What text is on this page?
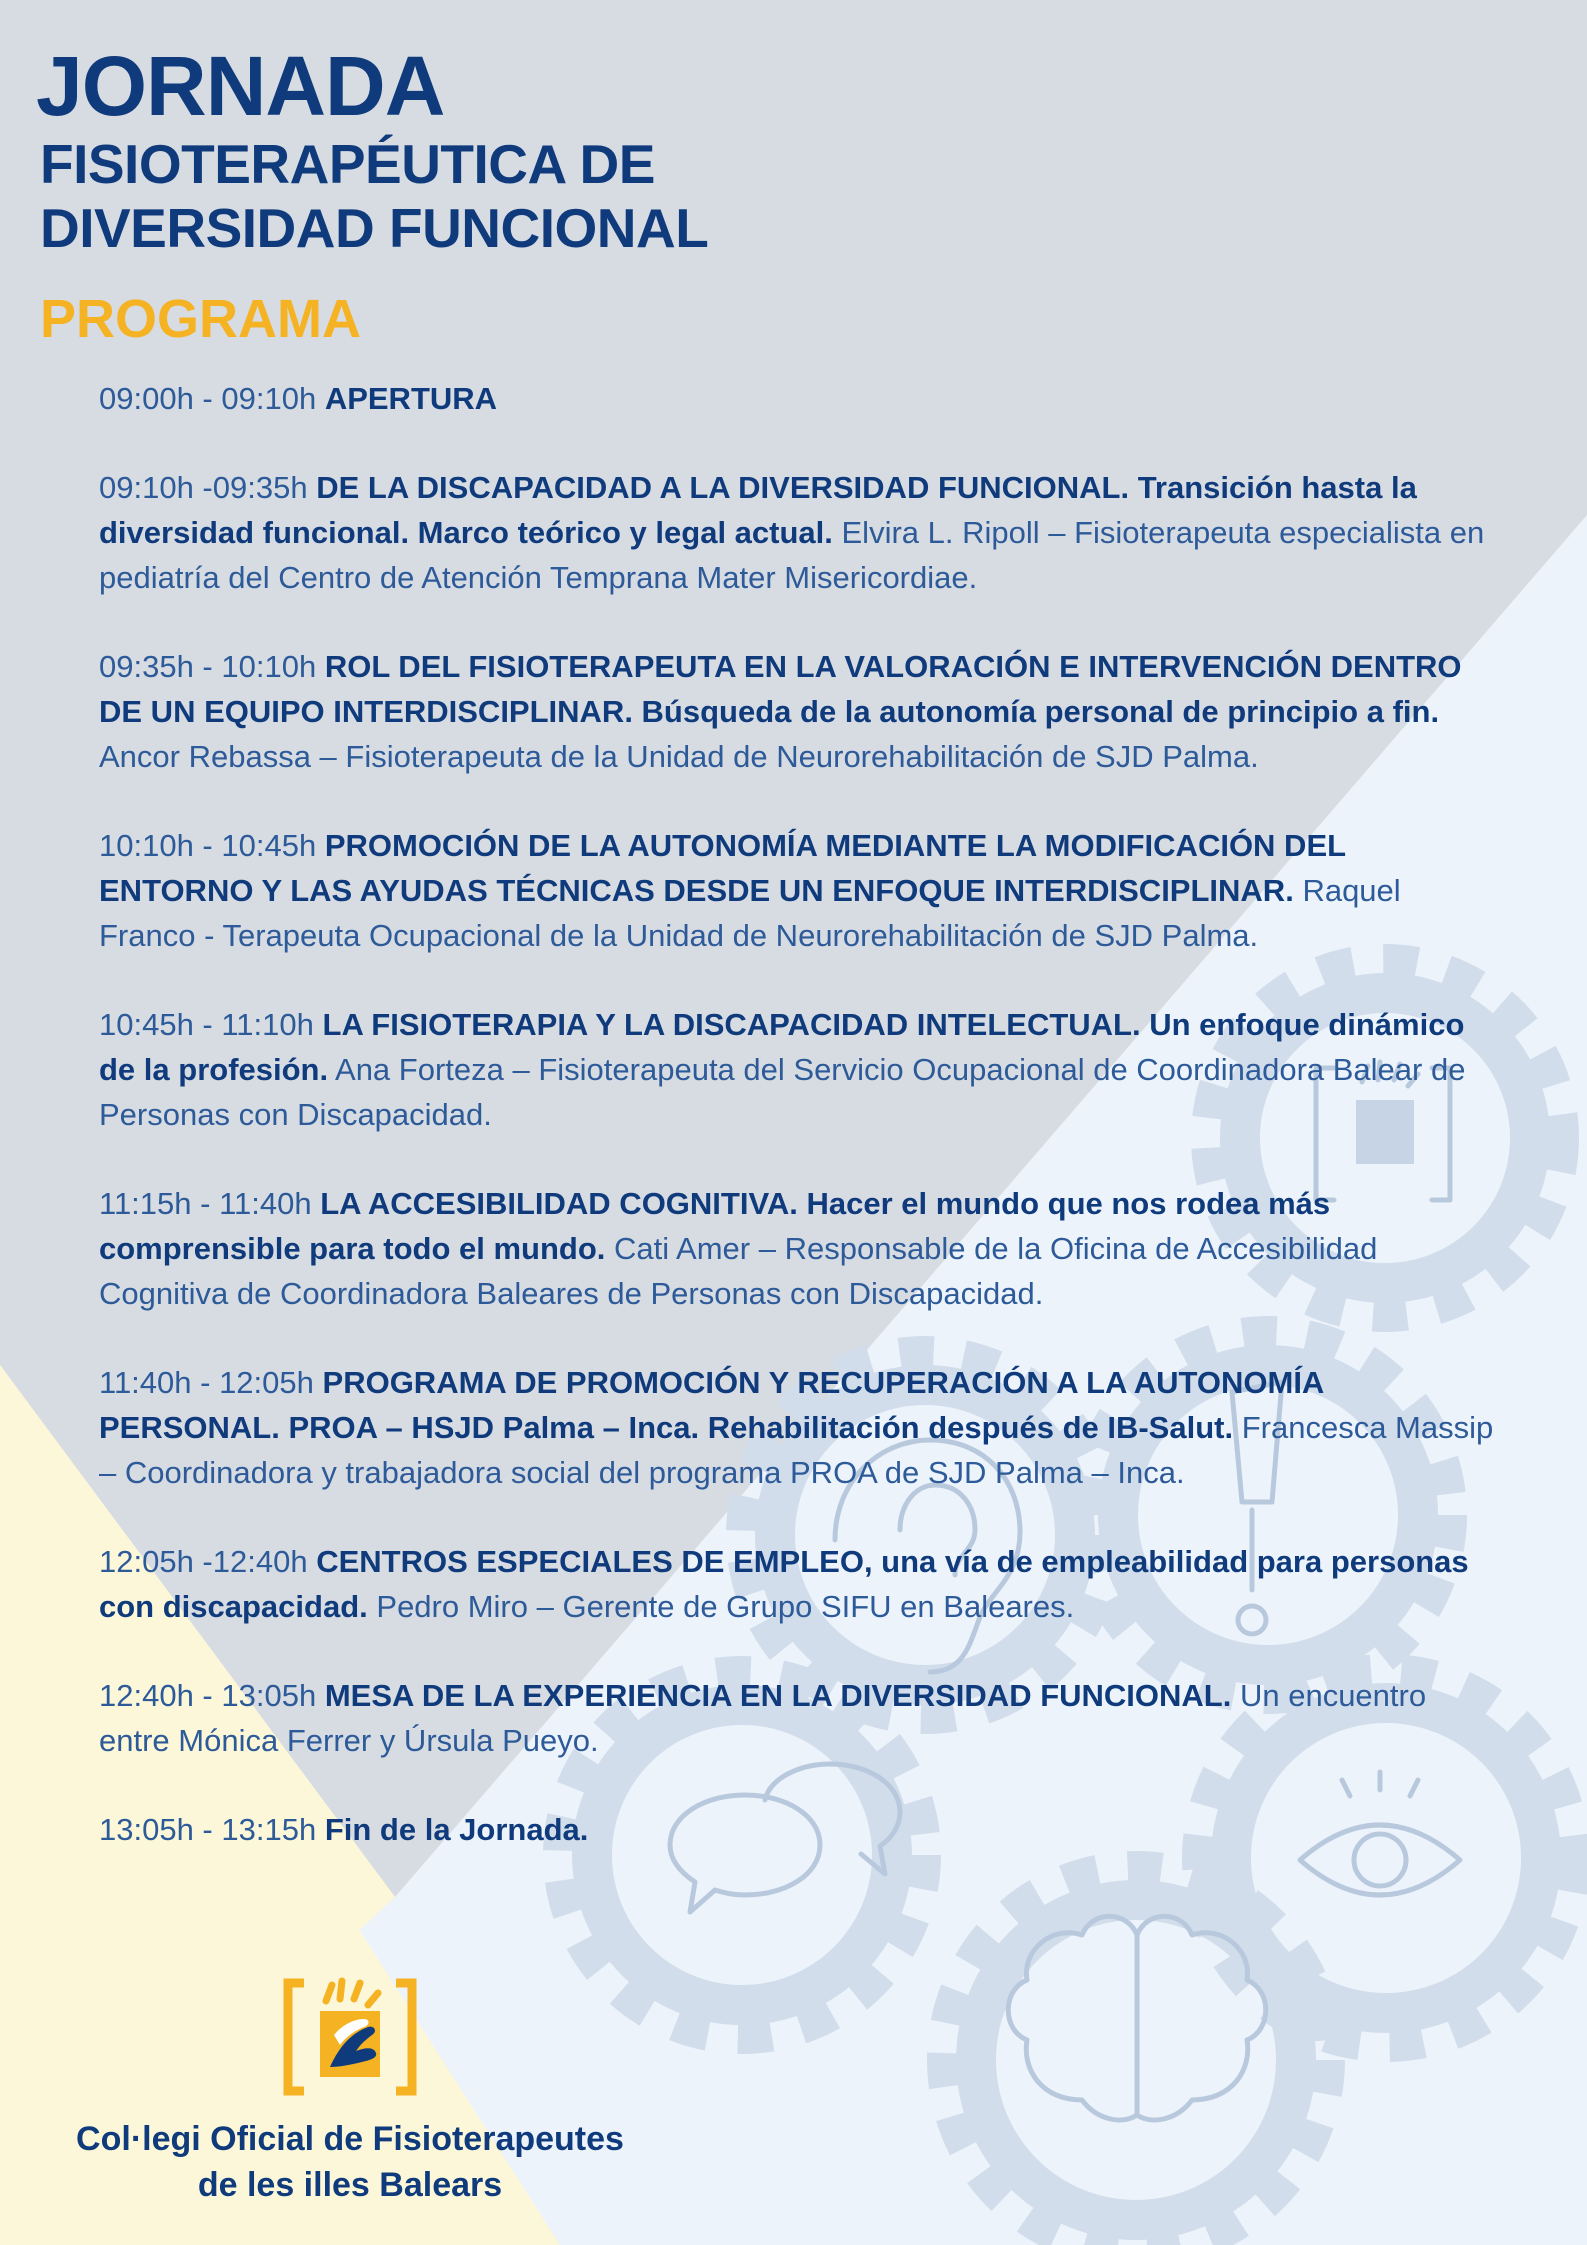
JORNADA
FISIOTERAPÉUTICA DE
DIVERSIDAD FUNCIONAL
PROGRAMA
09:00h - 09:10h APERTURA
09:10h -09:35h DE LA DISCAPACIDAD A LA DIVERSIDAD FUNCIONAL. Transición hasta la diversidad funcional. Marco teórico y legal actual. Elvira L. Ripoll – Fisioterapeuta especialista en pediatría del Centro de Atención Temprana Mater Misericordiae.
09:35h - 10:10h ROL DEL FISIOTERAPEUTA EN LA VALORACIÓN E INTERVENCIÓN DENTRO DE UN EQUIPO INTERDISCIPLINAR. Búsqueda de la autonomía personal de principio a fin. Ancor Rebassa – Fisioterapeuta de la Unidad de Neurorehabilitación de SJD Palma.
10:10h - 10:45h PROMOCIÓN DE LA AUTONOMÍA MEDIANTE LA MODIFICACIÓN DEL ENTORNO Y LAS AYUDAS TÉCNICAS DESDE UN ENFOQUE INTERDISCIPLINAR. Raquel Franco - Terapeuta Ocupacional de la Unidad de Neurorehabilitación de SJD Palma.
10:45h - 11:10h LA FISIOTERAPIA Y LA DISCAPACIDAD INTELECTUAL. Un enfoque dinámico de la profesión. Ana Forteza – Fisioterapeuta del Servicio Ocupacional de Coordinadora Balear de Personas con Discapacidad.
11:15h - 11:40h LA ACCESIBILIDAD COGNITIVA. Hacer el mundo que nos rodea más comprensible para todo el mundo. Cati Amer – Responsable de la Oficina de Accesibilidad Cognitiva de Coordinadora Baleares de Personas con Discapacidad.
11:40h - 12:05h PROGRAMA DE PROMOCIÓN Y RECUPERACIÓN A LA AUTONOMÍA PERSONAL. PROA – HSJD Palma – Inca. Rehabilitación después de IB-Salut. Francesca Massip – Coordinadora y trabajadora social del programa PROA de SJD Palma – Inca.
12:05h -12:40h CENTROS ESPECIALES DE EMPLEO, una vía de empleabilidad para personas con discapacidad. Pedro Miro – Gerente de Grupo SIFU en Baleares.
12:40h - 13:05h MESA DE LA EXPERIENCIA EN LA DIVERSIDAD FUNCIONAL. Un encuentro entre Mónica Ferrer y Úrsula Pueyo.
13:05h - 13:15h Fin de la Jornada.
Col·legi Oficial de Fisioterapeutes
de les illes Balears
